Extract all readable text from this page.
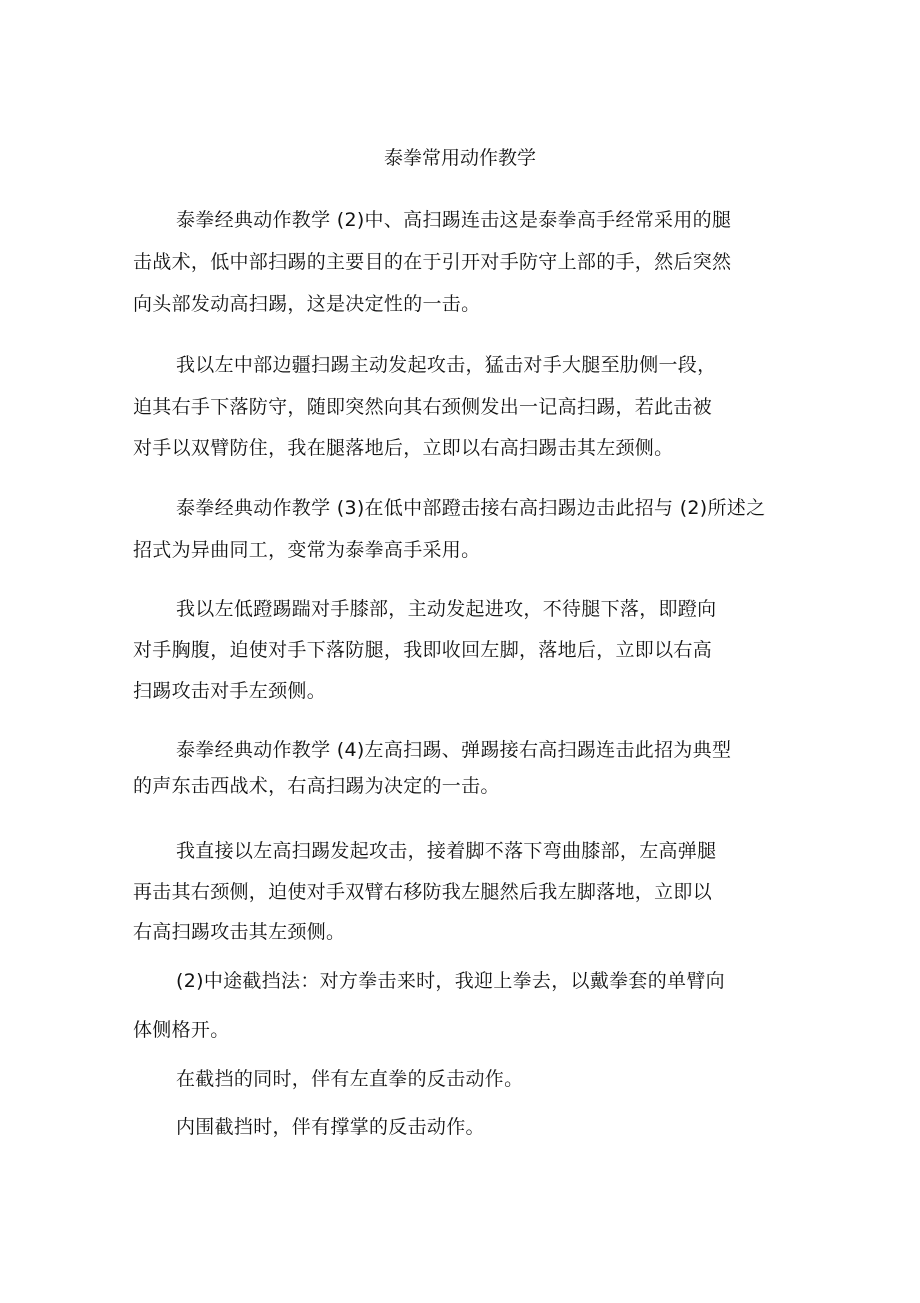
泰拳常用动作教学
泰拳经典动作教学 (2)中、高扫踢连击这是泰拳高手经常采用的腿
击战术，低中部扫踢的主要目的在于引开对手防守上部的手，然后突然
向头部发动高扫踢，这是决定性的一击。
我以左中部边疆扫踢主动发起攻击，猛击对手大腿至肋侧一段，
迫其右手下落防守，随即突然向其右颈侧发出一记高扫踢，若此击被
对手以双臂防住，我在腿落地后，立即以右高扫踢击其左颈侧。
泰拳经典动作教学 (3)在低中部蹬击接右高扫踢边击此招与 (2)所述之
招式为异曲同工，变常为泰拳高手采用。
我以左低蹬踢踹对手膝部，主动发起进攻，不待腿下落，即蹬向
对手胸腹，迫使对手下落防腿，我即收回左脚，落地后，立即以右高
扫踢攻击对手左颈侧。
泰拳经典动作教学 (4)左高扫踢、弹踢接右高扫踢连击此招为典型
的声东击西战术，右高扫踢为决定的一击。
我直接以左高扫踢发起攻击，接着脚不落下弯曲膝部，左高弹腿
再击其右颈侧，迫使对手双臂右移防我左腿然后我左脚落地，立即以
右高扫踢攻击其左颈侧。
(2)中途截挡法：对方拳击来时，我迎上拳去，以戴拳套的单臂向
体侧格开。
在截挡的同时，伴有左直拳的反击动作。
内围截挡时，伴有撑掌的反击动作。
